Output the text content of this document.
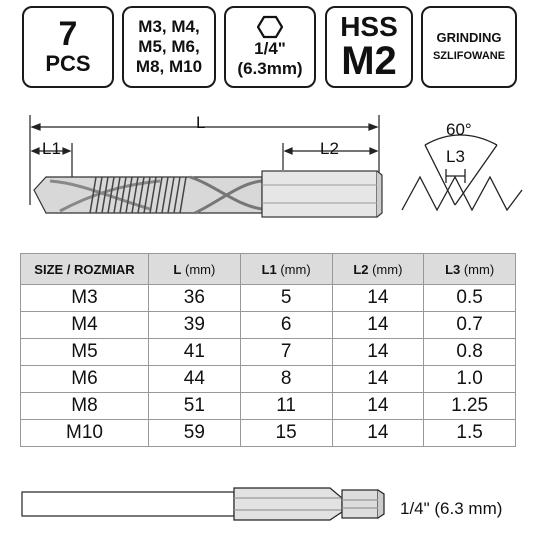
7
PCS
M3, M4,
M5, M6,
M8, M10
1/4"
(6.3mm)
HSS
M2
GRINDING
SZLIFOWANE
L
L1	L2
60°
L3
SIZE / ROZMIAR	L (mm)	L1 (mm)	L2 (mm)	L3 (mm)
M3	36	5	14	0.5
M4	39	6	14	0.7
M5	41	7	14	0.8
M6	44	8	14	1.0
M8	51	11	14	1.25
M10	59	15	14	1.5
1/4" (6.3 mm)
